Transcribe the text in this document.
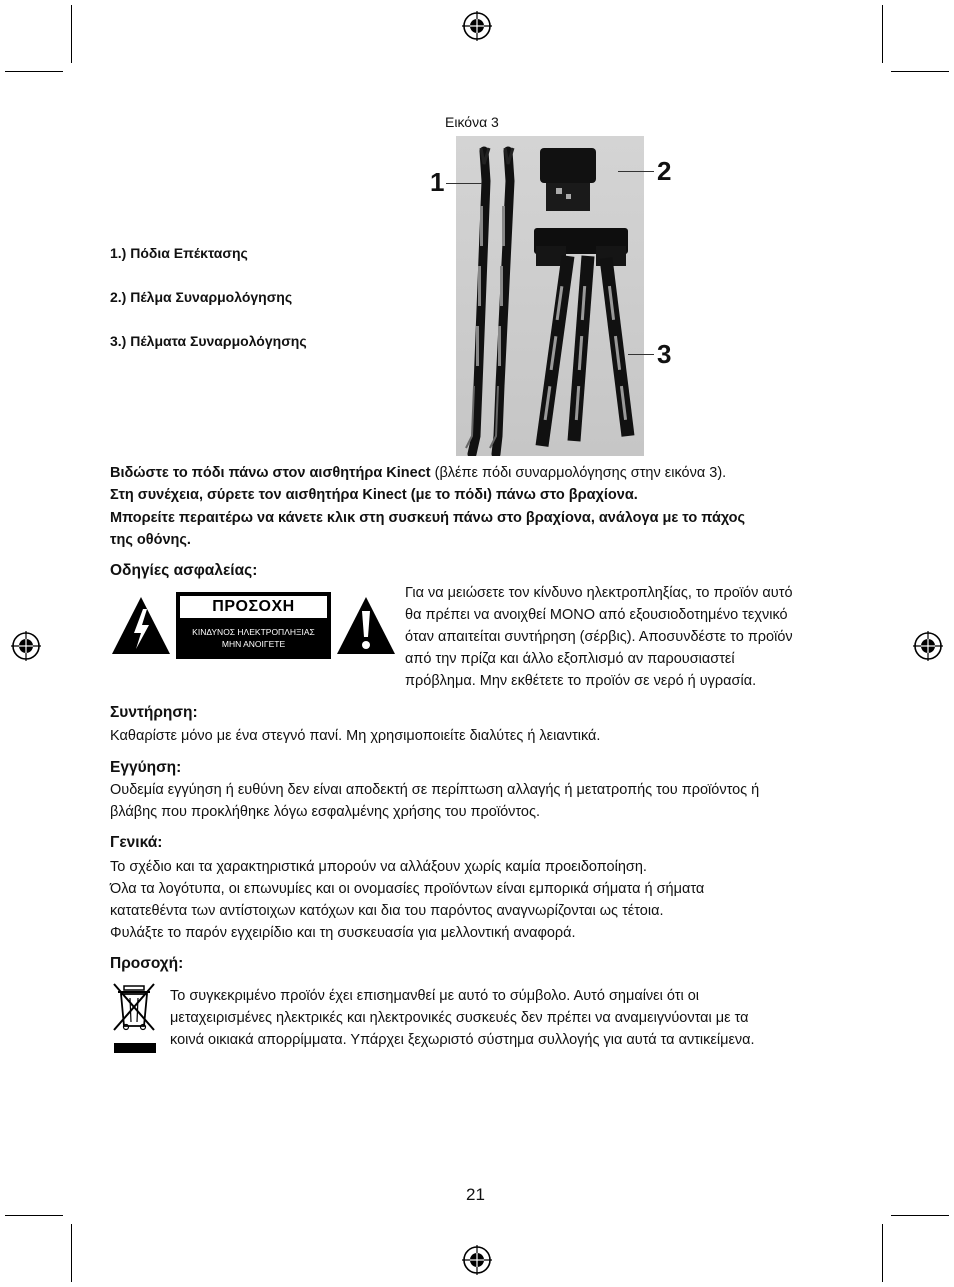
Εικόνα 3
1	2
3
1.) Πόδια Επέκτασης
2.) Πέλμα Συναρμολόγησης
3.) Πέλματα Συναρμολόγησης
Βιδώστε το πόδι πάνω στον αισθητήρα Kinect (βλέπε πόδι συναρμολόγησης στην εικόνα 3).
Στη συνέχεια, σύρετε τον αισθητήρα Kinect (με το πόδι) πάνω στο βραχίονα.
Μπορείτε περαιτέρω να κάνετε κλικ στη συσκευή πάνω στο βραχίονα, ανάλογα με το πάχος
της οθόνης.
Οδηγίες ασφαλείας:
ΠΡΟΣΟΧΗ
ΚΙΝΔΥΝΟΣ ΗΛΕΚΤΡΟΠΛΗΞΙΑΣ
ΜΗΝ ΑΝΟΙΓΕΤΕ
Για να μειώσετε τον κίνδυνο ηλεκτροπληξίας, το προϊόν αυτό
θα πρέπει να ανοιχθεί ΜΟΝΟ από εξουσιοδοτημένο τεχνικό
όταν απαιτείται συντήρηση (σέρβις). Αποσυνδέστε το προϊόν
από την πρίζα και άλλο εξοπλισμό αν παρουσιαστεί
πρόβλημα. Μην εκθέτετε το προϊόν σε νερό ή υγρασία.
Συντήρηση:
Καθαρίστε μόνο με ένα στεγνό πανί. Μη χρησιμοποιείτε διαλύτες ή λειαντικά.
Εγγύηση:
Ουδεμία εγγύηση ή ευθύνη δεν είναι αποδεκτή σε περίπτωση αλλαγής ή μετατροπής του προϊόντος ή
βλάβης που προκλήθηκε λόγω εσφαλμένης χρήσης του προϊόντος.
Γενικά:
Το σχέδιο και τα χαρακτηριστικά μπορούν να αλλάξουν χωρίς καμία προειδοποίηση.
Όλα τα λογότυπα, οι επωνυμίες και οι ονομασίες προϊόντων είναι εμπορικά σήματα ή σήματα
κατατεθέντα των αντίστοιχων κατόχων και δια του παρόντος αναγνωρίζονται ως τέτοια.
Φυλάξτε το παρόν εγχειρίδιο και τη συσκευασία για μελλοντική αναφορά.
Προσοχή:
Το συγκεκριμένο προϊόν έχει επισημανθεί με αυτό το σύμβολο. Αυτό σημαίνει ότι οι
μεταχειρισμένες ηλεκτρικές και ηλεκτρονικές συσκευές δεν πρέπει να αναμειγνύονται με τα
κοινά οικιακά απορρίμματα. Υπάρχει ξεχωριστό σύστημα συλλογής για αυτά τα αντικείμενα.
21
